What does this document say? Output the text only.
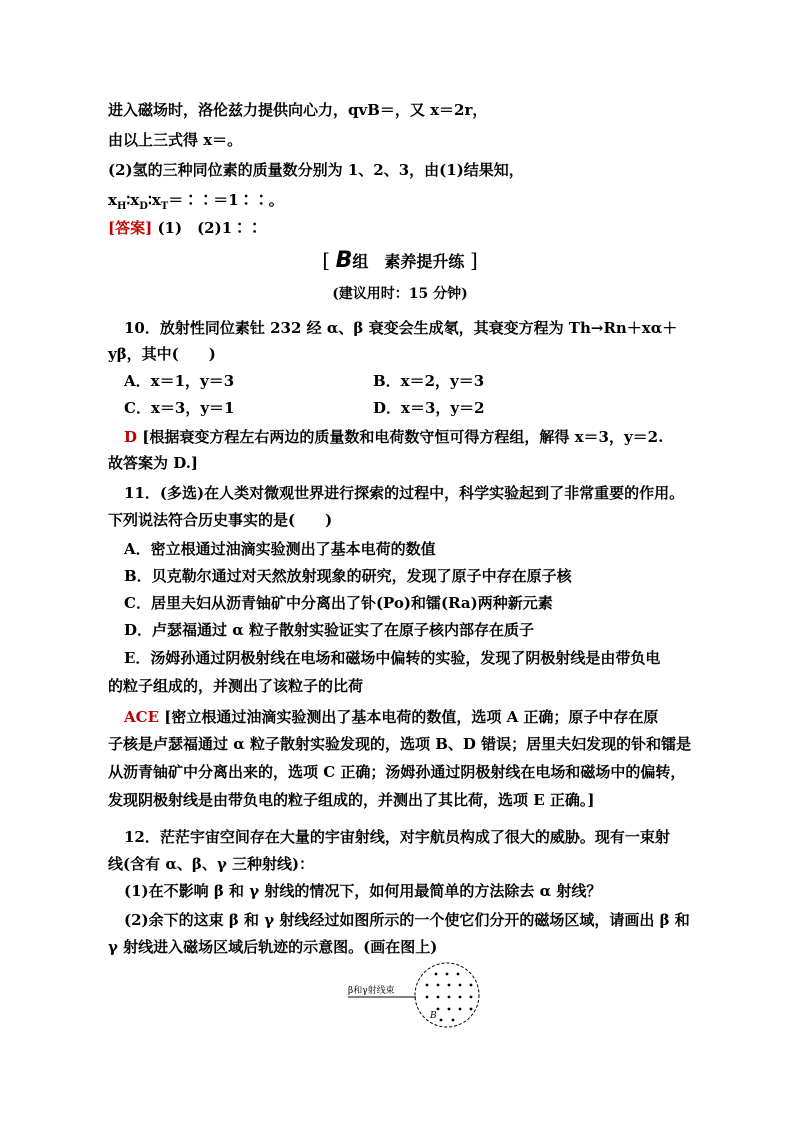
进入磁场时，洛伦兹力提供向心力，qvB＝，又 x＝2r，
由以上三式得 x＝。
(2)氢的三种同位素的质量数分别为 1、2、3，由(1)结果知，
$x_H∶x_D∶x_T=∶∶=1∶∶$。
[答案] (1)　(2)1∶∶
[ B组　素养提升练 ]
(建议用时：15 分钟)
10．放射性同位素钍 232 经 α、β 衰变会生成氡，其衰变方程为 Th→Rn＋xα＋
yβ，其中(　　)
A．x＝1，y＝3	B．x＝2，y＝3
C．x＝3，y＝1	D．x＝3，y＝2
D [根据衰变方程左右两边的质量数和电荷数守恒可得方程组，解得 x＝3，y＝2.
故答案为 D.]
11．(多选)在人类对微观世界进行探索的过程中，科学实验起到了非常重要的作用。
下列说法符合历史事实的是(　　)
A．密立根通过油滴实验测出了基本电荷的数值
B．贝克勒尔通过对天然放射现象的研究，发现了原子中存在原子核
C．居里夫妇从沥青铀矿中分离出了钋(Po)和镭(Ra)两种新元素
D．卢瑟福通过 α 粒子散射实验证实了在原子核内部存在质子
E．汤姆孙通过阴极射线在电场和磁场中偏转的实验，发现了阴极射线是由带负电
的粒子组成的，并测出了该粒子的比荷
ACE [密立根通过油滴实验测出了基本电荷的数值，选项 A 正确；原子中存在原
子核是卢瑟福通过 α 粒子散射实验发现的，选项 B、D 错误；居里夫妇发现的钋和镭是
从沥青铀矿中分离出来的，选项 C 正确；汤姆孙通过阴极射线在电场和磁场中的偏转，
发现阴极射线是由带负电的粒子组成的，并测出了其比荷，选项 E 正确。]
12．茫茫宇宙空间存在大量的宇宙射线，对宇航员构成了很大的威胁。现有一束射
线(含有 α、β、γ 三种射线)：
(1)在不影响 β 和 γ 射线的情况下，如何用最简单的方法除去 α 射线？
(2)余下的这束 β 和 γ 射线经过如图所示的一个使它们分开的磁场区域，请画出 β 和
γ 射线进入磁场区域后轨迹的示意图。(画在图上)
β和γ射线束
B
